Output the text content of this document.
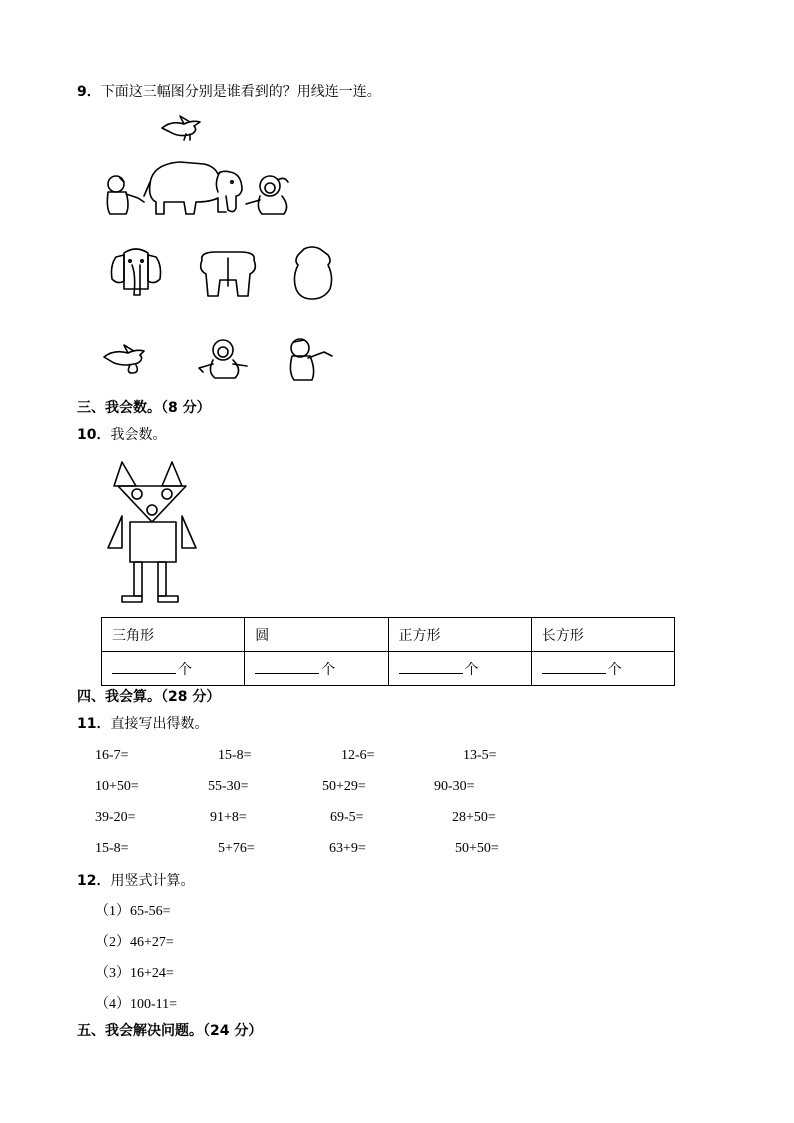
9．下面这三幅图分别是谁看到的？用线连一连。
三、我会数。（8 分）
10．我会数。
三角形	圆	正方形	长方形
个	个	个	个
四、我会算。（28 分）
11．直接写出得数。
16-7=	15-8=	12-6=	13-5=
10+50=	55-30=	50+29=	90-30=
39-20=	91+8=	69-5=	28+50=
15-8=	5+76=	63+9=	50+50=
12．用竖式计算。
（1）65-56=
（2）46+27=
（3）16+24=
（4）100-11=
五、我会解决问题。（24 分）
